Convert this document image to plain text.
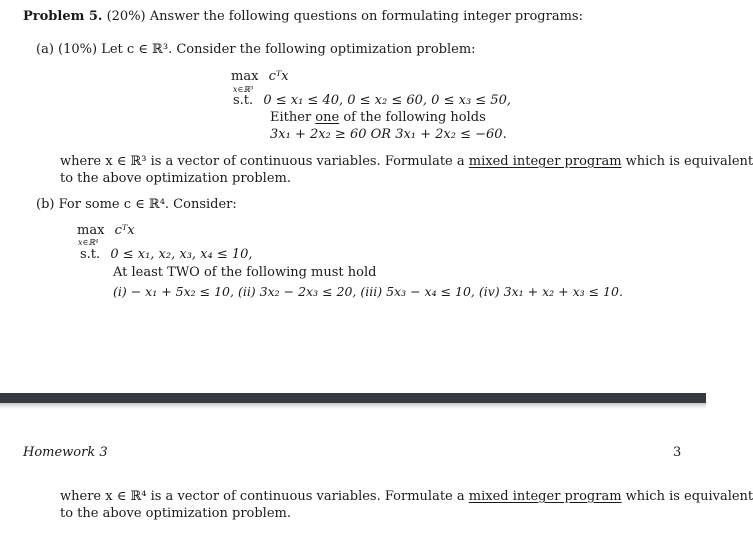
Problem 5. (20%) Answer the following questions on formulating integer programs:
(a) (10%) Let c ∈ ℝ³. Consider the following optimization problem:
max cᵀx
x∈ℝ³
s.t. 0 ≤ x₁ ≤ 40, 0 ≤ x₂ ≤ 60, 0 ≤ x₃ ≤ 50,
Either one of the following holds
3x₁ + 2x₂ ≥ 60 OR 3x₁ + 2x₂ ≤ −60.
where x ∈ ℝ³ is a vector of continuous variables. Formulate a mixed integer program which is equivalent
to the above optimization problem.
(b) For some c ∈ ℝ⁴. Consider:
max cᵀx
x∈ℝ⁴
s.t. 0 ≤ x₁, x₂, x₃, x₄ ≤ 10,
At least TWO of the following must hold
(i) − x₁ + 5x₂ ≤ 10, (ii) 3x₂ − 2x₃ ≤ 20, (iii) 5x₃ − x₄ ≤ 10, (iv) 3x₁ + x₂ + x₃ ≤ 10.
Homework 3	3
where x ∈ ℝ⁴ is a vector of continuous variables. Formulate a mixed integer program which is equivalent
to the above optimization problem.
